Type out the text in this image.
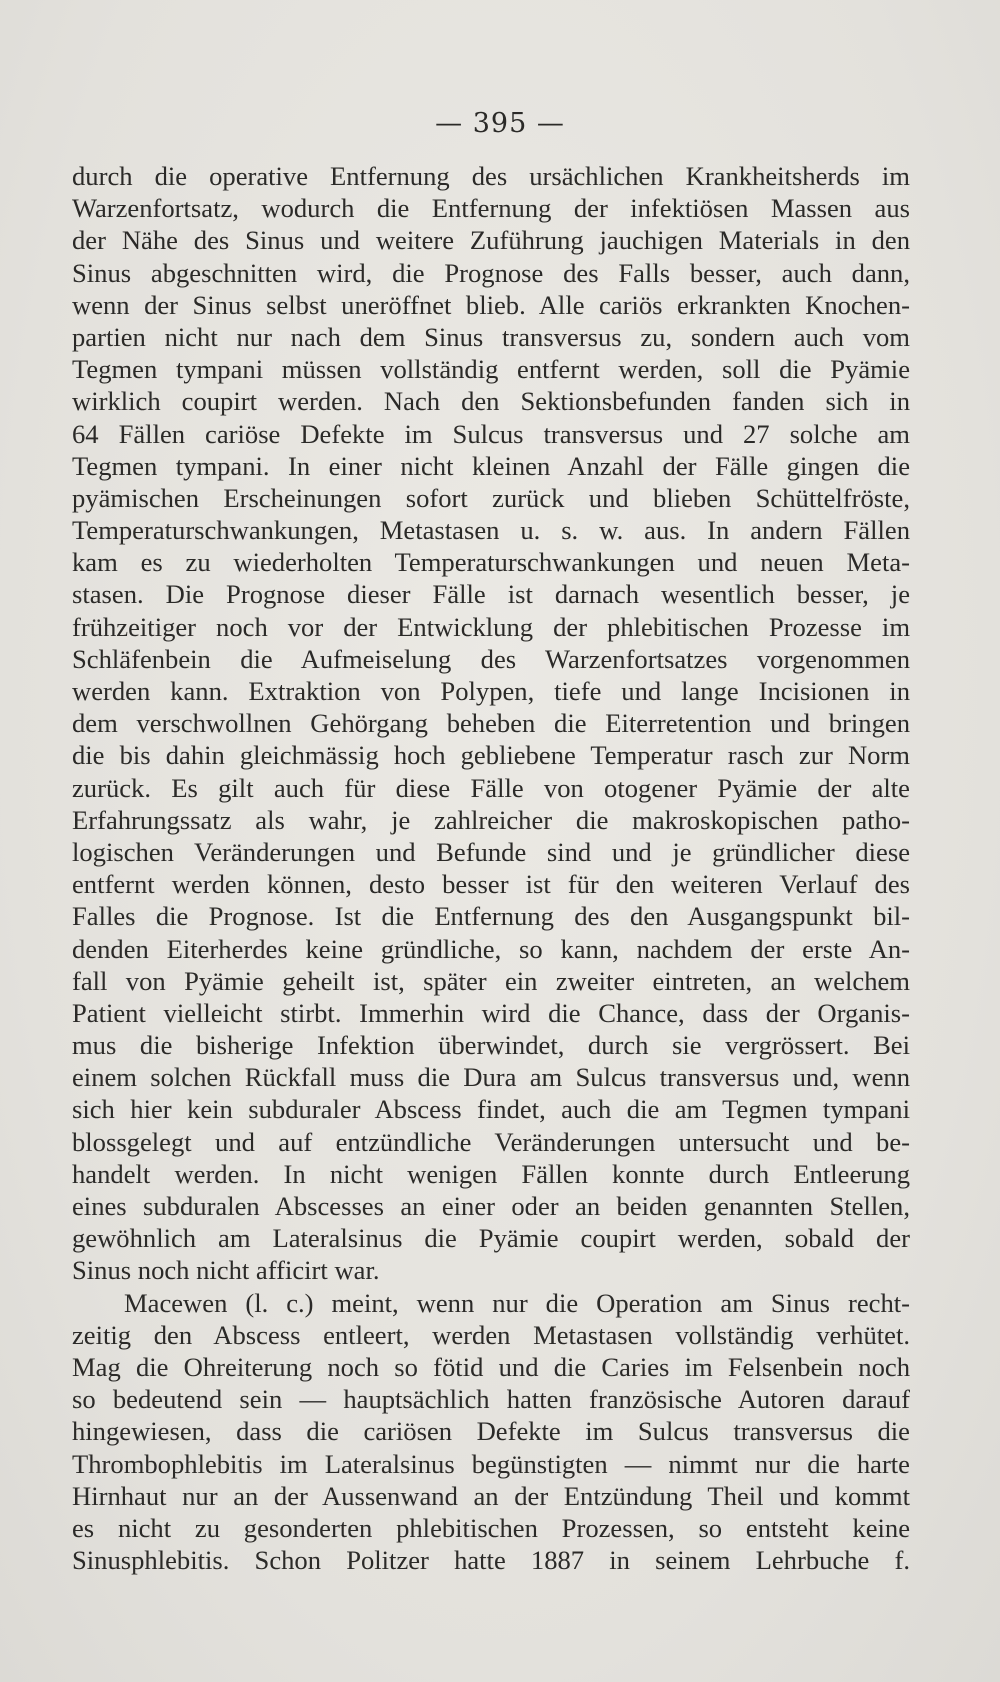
— 395 —
durch die operative Entfernung des ursächlichen Krankheitsherds im
Warzenfortsatz, wodurch die Entfernung der infektiösen Massen aus
der Nähe des Sinus und weitere Zuführung jauchigen Materials in den
Sinus abgeschnitten wird, die Prognose des Falls besser, auch dann,
wenn der Sinus selbst uneröffnet blieb. Alle cariös erkrankten Knochen-
partien nicht nur nach dem Sinus transversus zu, sondern auch vom
Tegmen tympani müssen vollständig entfernt werden, soll die Pyämie
wirklich coupirt werden. Nach den Sektionsbefunden fanden sich in
64 Fällen cariöse Defekte im Sulcus transversus und 27 solche am
Tegmen tympani. In einer nicht kleinen Anzahl der Fälle gingen die
pyämischen Erscheinungen sofort zurück und blieben Schüttelfröste,
Temperaturschwankungen, Metastasen u. s. w. aus. In andern Fällen
kam es zu wiederholten Temperaturschwankungen und neuen Meta-
stasen. Die Prognose dieser Fälle ist darnach wesentlich besser, je
frühzeitiger noch vor der Entwicklung der phlebitischen Prozesse im
Schläfenbein die Aufmeiselung des Warzenfortsatzes vorgenommen
werden kann. Extraktion von Polypen, tiefe und lange Incisionen in
dem verschwollnen Gehörgang beheben die Eiterretention und bringen
die bis dahin gleichmässig hoch gebliebene Temperatur rasch zur Norm
zurück. Es gilt auch für diese Fälle von otogener Pyämie der alte
Erfahrungssatz als wahr, je zahlreicher die makroskopischen patho-
logischen Veränderungen und Befunde sind und je gründlicher diese
entfernt werden können, desto besser ist für den weiteren Verlauf des
Falles die Prognose. Ist die Entfernung des den Ausgangspunkt bil-
denden Eiterherdes keine gründliche, so kann, nachdem der erste An-
fall von Pyämie geheilt ist, später ein zweiter eintreten, an welchem
Patient vielleicht stirbt. Immerhin wird die Chance, dass der Organis-
mus die bisherige Infektion überwindet, durch sie vergrössert. Bei
einem solchen Rückfall muss die Dura am Sulcus transversus und, wenn
sich hier kein subduraler Abscess findet, auch die am Tegmen tympani
blossgelegt und auf entzündliche Veränderungen untersucht und be-
handelt werden. In nicht wenigen Fällen konnte durch Entleerung
eines subduralen Abscesses an einer oder an beiden genannten Stellen,
gewöhnlich am Lateralsinus die Pyämie coupirt werden, sobald der
Sinus noch nicht afficirt war.
Macewen (l. c.) meint, wenn nur die Operation am Sinus recht-
zeitig den Abscess entleert, werden Metastasen vollständig verhütet.
Mag die Ohreiterung noch so fötid und die Caries im Felsenbein noch
so bedeutend sein — hauptsächlich hatten französische Autoren darauf
hingewiesen, dass die cariösen Defekte im Sulcus transversus die
Thrombophlebitis im Lateralsinus begünstigten — nimmt nur die harte
Hirnhaut nur an der Aussenwand an der Entzündung Theil und kommt
es nicht zu gesonderten phlebitischen Prozessen, so entsteht keine
Sinusphlebitis. Schon Politzer hatte 1887 in seinem Lehrbuche f.
